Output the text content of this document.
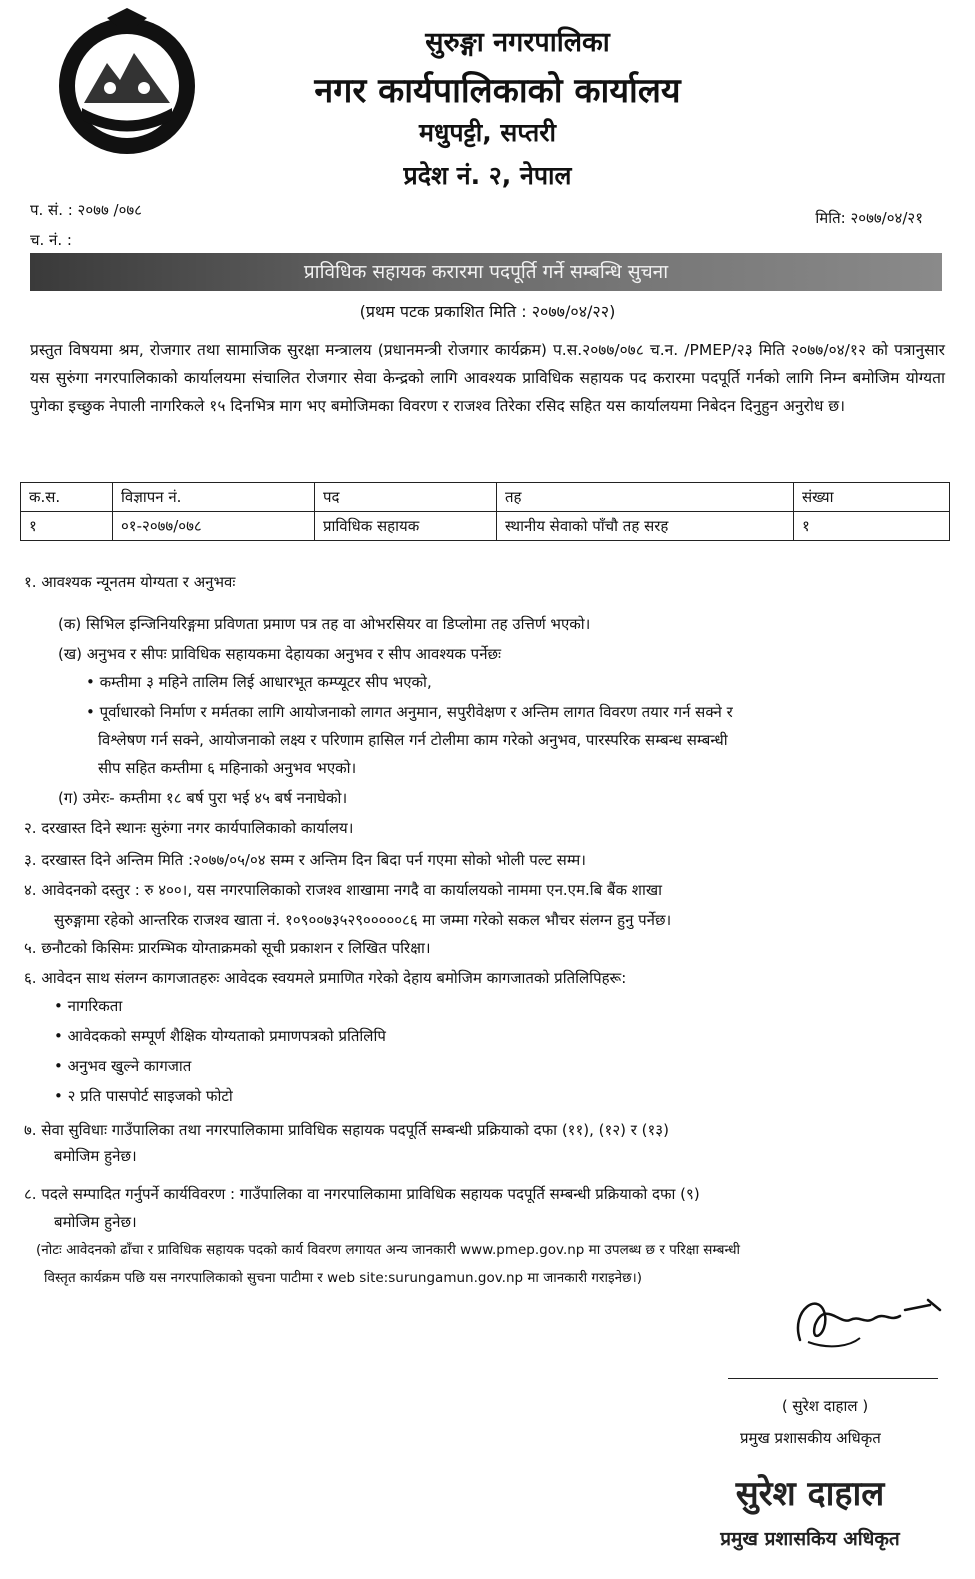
सुरुङ्गा नगरपालिका
नगर कार्यपालिकाको कार्यालय
मधुपट्टी, सप्तरी
प्रदेश नं. २, नेपाल
प. सं. : २०७७ /०७८
च. नं. :
मिति: २०७७/०४/२१
प्राविधिक सहायक करारमा पदपूर्ति गर्ने सम्बन्धि सुचना
(प्रथम पटक प्रकाशित मिति : २०७७/०४/२२)

प्रस्तुत विषयमा श्रम, रोजगार तथा सामाजिक सुरक्षा मन्त्रालय (प्रधानमन्त्री रोजगार कार्यक्रम) प.स.२०७७/०७८ च.न. /PMEP/२३ मिति २०७७/०४/१२ को पत्रानुसार यस सुरुंगा नगरपालिकाको कार्यालयमा संचालित रोजगार सेवा केन्द्रको लागि आवश्यक प्राविधिक सहायक पद करारमा पदपूर्ति गर्नको लागि निम्न बमोजिम योग्यता पुगेका इच्छुक नेपाली नागरिकले १५ दिनभित्र माग भए बमोजिमका विवरण र राजश्व तिरेका रसिद सहित यस कार्यालयमा निबेदन दिनुहुन अनुरोध छ।

क.स.	विज्ञापन नं.	पद	तह	संख्या
१	०१-२०७७/०७८	प्राविधिक सहायक	स्थानीय सेवाको पाँचौ तह सरह	१
१. आवश्यक न्यूनतम योग्यता र अनुभवः
(क) सिभिल इन्जिनियरिङ्गमा प्रविणता प्रमाण पत्र तह वा ओभरसियर वा डिप्लोमा तह उत्तिर्ण भएको।
(ख) अनुभव र सीपः प्राविधिक सहायकमा देहायका अनुभव र सीप आवश्यक पर्नेछः
• कम्तीमा ३ महिने तालिम लिई आधारभूत कम्प्यूटर सीप भएको,
• पूर्वाधारको निर्माण र मर्मतका लागि आयोजनाको लागत अनुमान, सपुरीवेक्षण र अन्तिम लागत विवरण तयार गर्न सक्ने र
विश्लेषण गर्न सक्ने, आयोजनाको लक्ष्य र परिणाम हासिल गर्न टोलीमा काम गरेको अनुभव, पारस्परिक सम्बन्ध सम्बन्धी
सीप सहित कम्तीमा ६ महिनाको अनुभव भएको।
(ग) उमेरः- कम्तीमा १८ बर्ष पुरा भई ४५ बर्ष ननाघेको।
२. दरखास्त दिने स्थानः सुरुंगा नगर कार्यपालिकाको कार्यालय।
३. दरखास्त दिने अन्तिम मिति :२०७७/०५/०४ सम्म र अन्तिम दिन बिदा पर्न गएमा सोको भोली पल्ट सम्म।
४. आवेदनको दस्तुर : रु ४००।, यस नगरपालिकाको राजश्व शाखामा नगदै वा कार्यालयको नाममा एन.एम.बि बैंक शाखा
सुरुङ्गामा रहेको आन्तरिक राजश्व खाता नं. १०९००७३५२९०००००८६ मा जम्मा गरेको सकल भौचर संलग्न हुनु पर्नेछ।
५. छनौटको किसिमः प्रारम्भिक योग्ताक्रमको सूची प्रकाशन र लिखित परिक्षा।
६. आवेदन साथ संलग्न कागजातहरुः आवेदक स्वयमले प्रमाणित गरेको देहाय बमोजिम कागजातको प्रतिलिपिहरू:
• नागरिकता
• आवेदकको सम्पूर्ण शैक्षिक योग्यताको प्रमाणपत्रको प्रतिलिपि
• अनुभव खुल्ने कागजात
• २ प्रति पासपोर्ट साइजको फोटो
७. सेवा सुविधाः गाउँपालिका तथा नगरपालिकामा प्राविधिक सहायक पदपूर्ति सम्बन्धी प्रक्रियाको दफा (११), (१२) र (१३)
बमोजिम हुनेछ।
८. पदले सम्पादित गर्नुपर्ने कार्यविवरण : गाउँपालिका वा नगरपालिकामा प्राविधिक सहायक पदपूर्ति सम्बन्धी प्रक्रियाको दफा (९)
बमोजिम हुनेछ।
(नोटः आवेदनको ढाँचा र प्राविधिक सहायक पदको कार्य विवरण लगायत अन्य जानकारी www.pmep.gov.np मा उपलब्ध छ र परिक्षा सम्बन्धी
विस्तृत कार्यक्रम पछि यस नगरपालिकाको सुचना पाटीमा र web site:surungamun.gov.np मा जानकारी गराइनेछ।)
( सुरेश दाहाल )
प्रमुख प्रशासकीय अधिकृत
सुरेश दाहाल
प्रमुख प्रशासकिय अधिकृत
